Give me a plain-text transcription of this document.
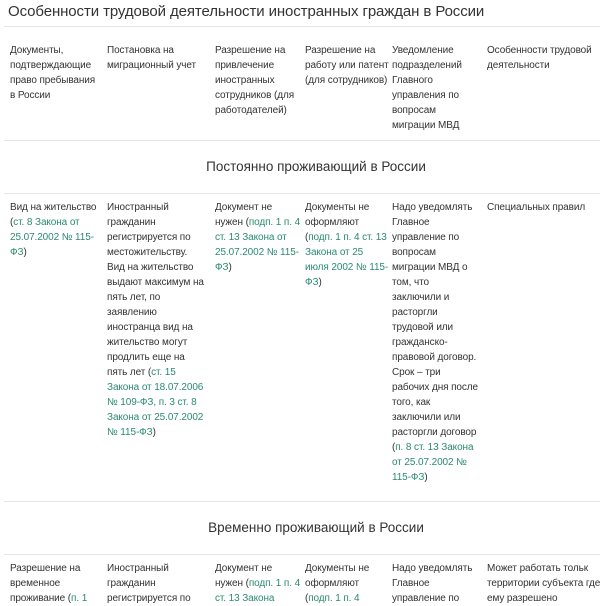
Особенности трудовой деятельности иностранных граждан в России
Документы, подтверждающие право пребывания в России
Постановка на миграционный учет
Разрешение на привлечение иностранных сотрудников (для работодателей)
Разрешение на работу или патент (для сотрудников)
Уведомление подразделений Главного управления по вопросам миграции МВД
Особенности трудовой деятельности
Постоянно проживающий в России
Вид на жительство (ст. 8 Закона от 25.07.2002 № 115-ФЗ)
Иностранный гражданин регистрируется по местожительству. Вид на жительство выдают максимум на пять лет, по заявлению иностранца вид на жительство могут продлить еще на пять лет (ст. 15 Закона от 18.07.2006 № 109-ФЗ, п. 3 ст. 8 Закона от 25.07.2002 № 115-ФЗ)
Документ не нужен (подп. 1 п. 4 ст. 13 Закона от 25.07.2002 № 115-ФЗ)
Документы не оформляют (подп. 1 п. 4 ст. 13 Закона от 25 июля 2002 № 115-ФЗ)
Надо уведомлять Главное управление по вопросам миграции МВД о том, что заключили и расторгли трудовой или гражданско-правовой договор. Срок – три рабочих дня после того, как заключили или расторгли договор (п. 8 ст. 13 Закона от 25.07.2002 № 115-ФЗ)
Специальных правил
Временно проживающий в России
Разрешение на временное проживание (п. 1
Иностранный гражданин регистрируется по
Документ не нужен (подп. 1 п. 4 ст. 13 Закона
Документы не оформляют (подп. 1 п. 4
Надо уведомлять Главное управление по
Может работать тольк территории субъекта где ему разрешено
